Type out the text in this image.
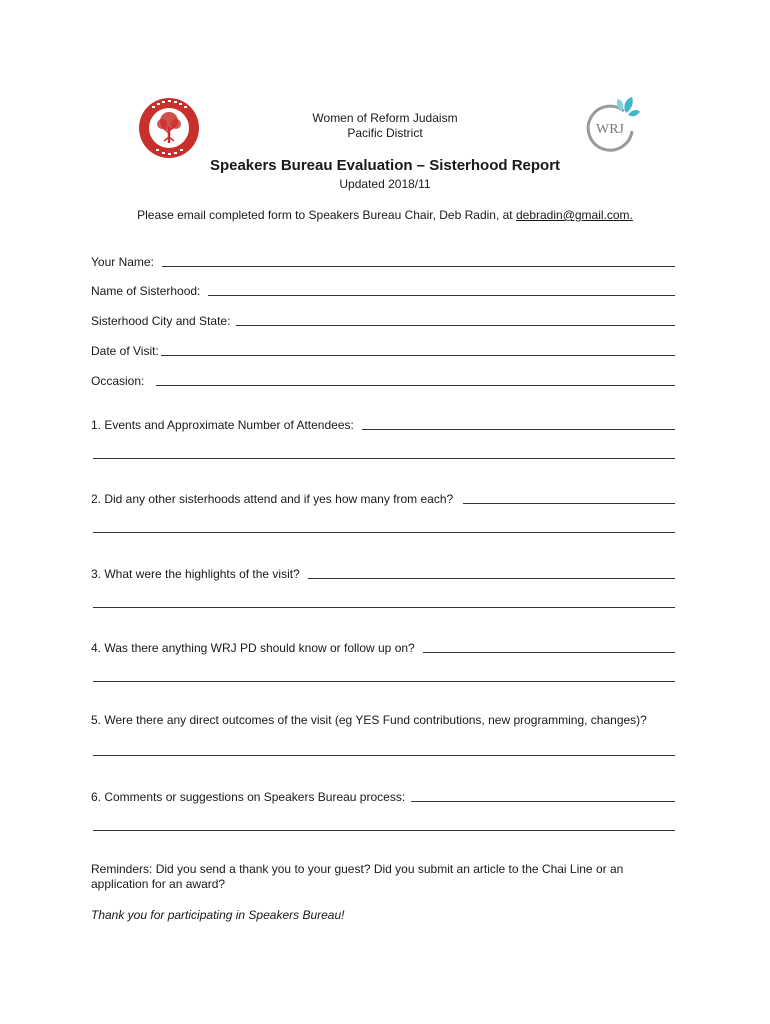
WRJ
Women of Reform Judaism
Pacific District
Speakers Bureau Evaluation – Sisterhood Report
Updated 2018/11
Please email completed form to Speakers Bureau Chair, Deb Radin, at debradin@gmail.com.
Your Name:
Name of Sisterhood:
Sisterhood City and State:
Date of Visit:
Occasion:
1. Events and Approximate Number of Attendees:
2. Did any other sisterhoods attend and if yes how many from each?
3. What were the highlights of the visit?
4. Was there anything WRJ PD should know or follow up on?
5. Were there any direct outcomes of the visit (eg YES Fund contributions, new programming, changes)?
6. Comments or suggestions on Speakers Bureau process:
Reminders: Did you send a thank you to your guest? Did you submit an article to the Chai Line or an
application for an award?
Thank you for participating in Speakers Bureau!
